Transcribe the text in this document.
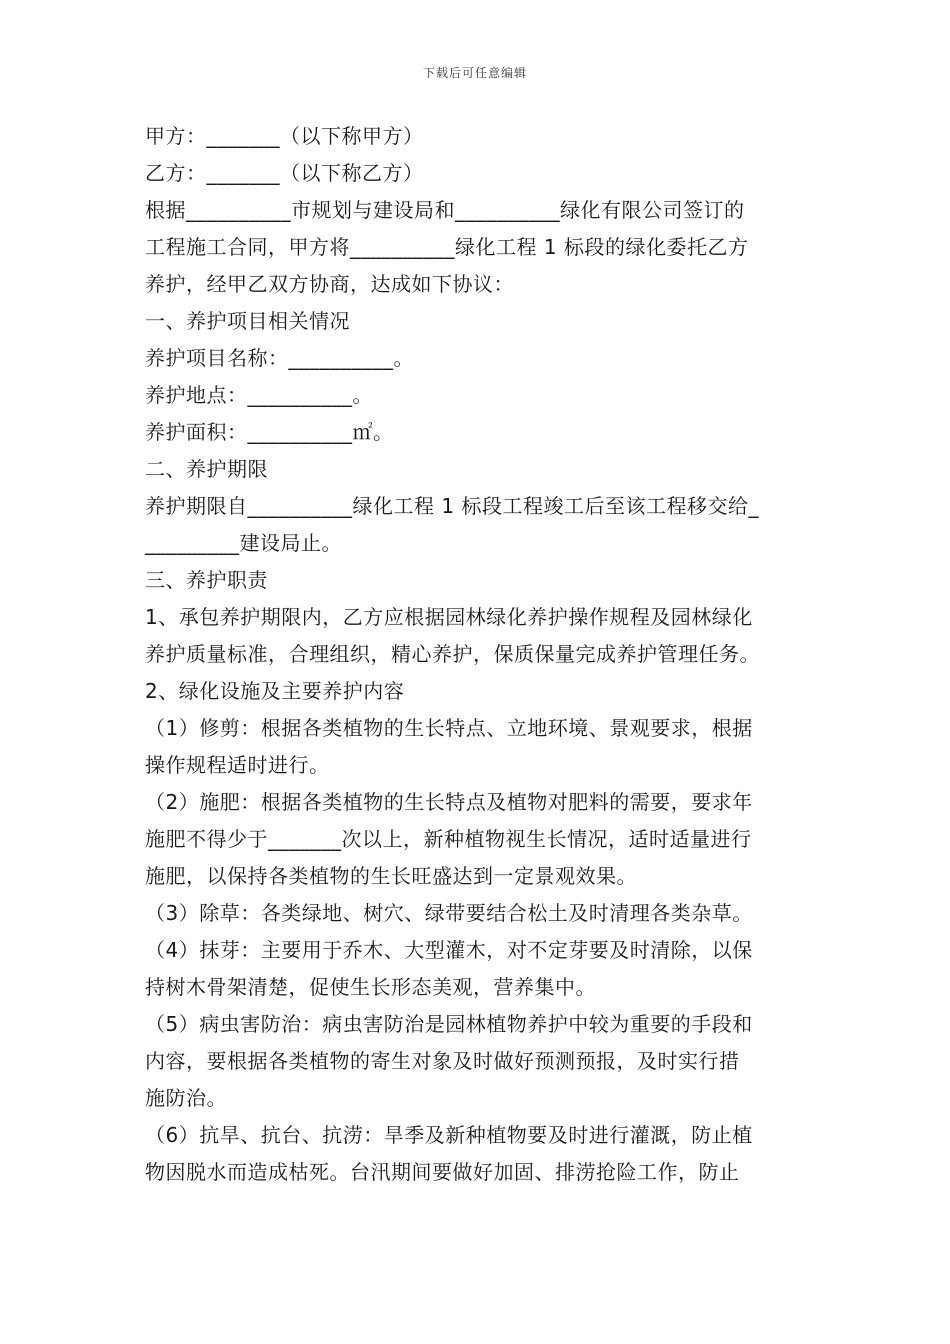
下载后可任意编辑
甲方：_______（以下称甲方）
乙方：_______（以下称乙方）
根据__________市规划与建设局和__________绿化有限公司签订的
工程施工合同，甲方将__________绿化工程 1 标段的绿化委托乙方
养护，经甲乙双方协商，达成如下协议：
一、养护项目相关情况
养护项目名称：__________。
养护地点：__________。
养护面积：__________㎡。
二、养护期限
养护期限自__________绿化工程 1 标段工程竣工后至该工程移交给_
_________建设局止。
三、养护职责
1、承包养护期限内，乙方应根据园林绿化养护操作规程及园林绿化
养护质量标准，合理组织，精心养护，保质保量完成养护管理任务。
2、绿化设施及主要养护内容
（1）修剪：根据各类植物的生长特点、立地环境、景观要求，根据
操作规程适时进行。
（2）施肥：根据各类植物的生长特点及植物对肥料的需要，要求年
施肥不得少于_______次以上，新种植物视生长情况，适时适量进行
施肥，以保持各类植物的生长旺盛达到一定景观效果。
（3）除草：各类绿地、树穴、绿带要结合松土及时清理各类杂草。
（4）抹芽：主要用于乔木、大型灌木，对不定芽要及时清除，以保
持树木骨架清楚，促使生长形态美观，营养集中。
（5）病虫害防治：病虫害防治是园林植物养护中较为重要的手段和
内容，要根据各类植物的寄生对象及时做好预测预报，及时实行措
施防治。
（6）抗旱、抗台、抗涝：旱季及新种植物要及时进行灌溉，防止植
物因脱水而造成枯死。台汛期间要做好加固、排涝抢险工作，防止
